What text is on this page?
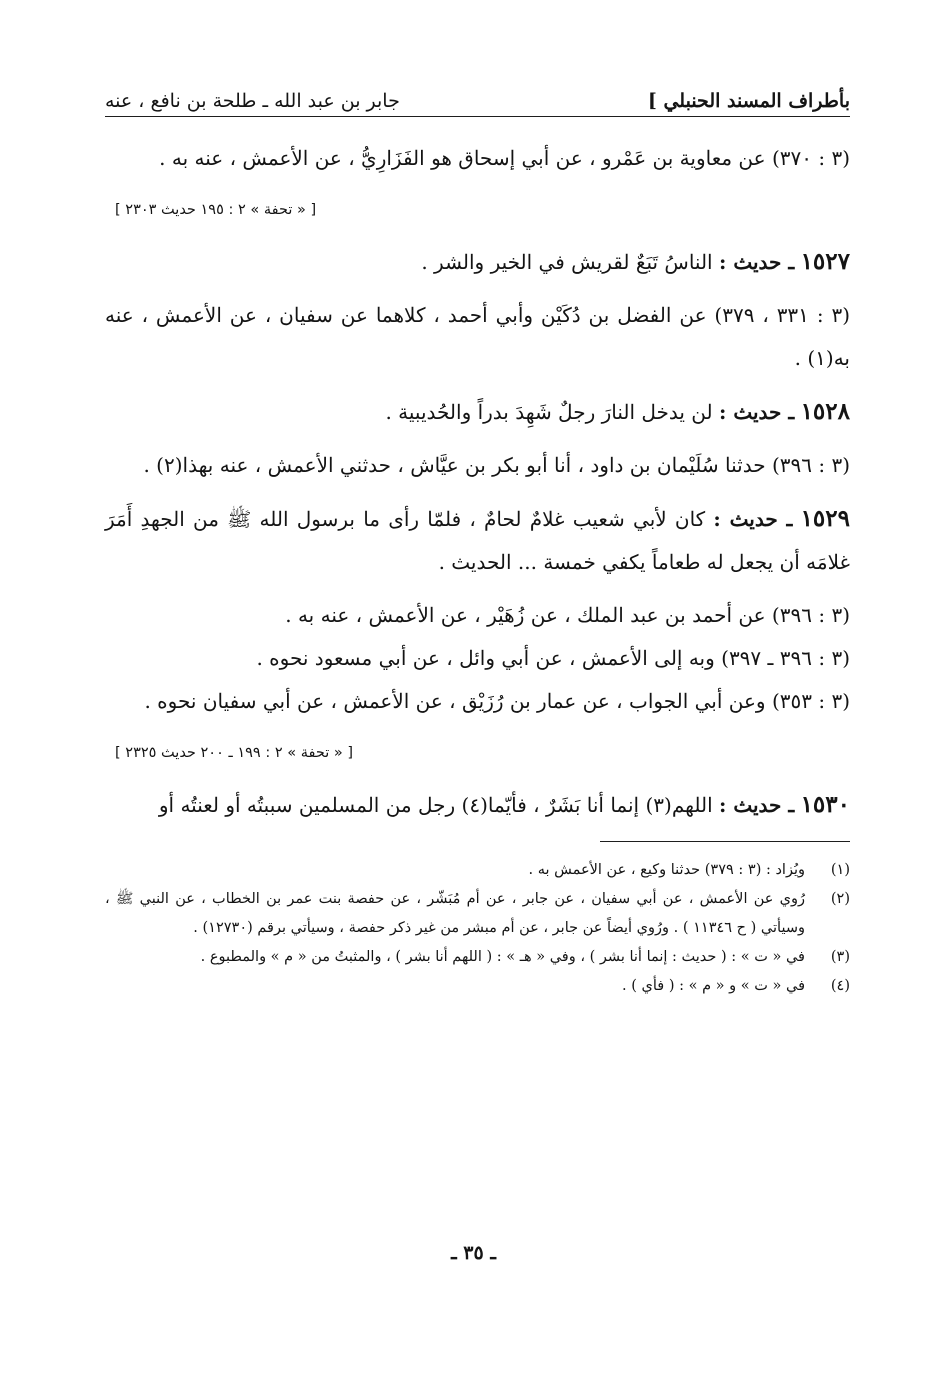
بأطراف المسند الحنبلي ]
جابر بن عبد الله ـ طلحة بن نافع ، عنه
(٣ : ٣٧٠) عن معاوية بن عَمْرو ، عن أبي إسحاق هو الفَزَارِيُّ ، عن الأعمش ، عنه به .
[ « تحفة » ٢ : ١٩٥ حديث ٢٣٠٣ ]
١٥٢٧ ـ حديث : الناسُ تَبَعٌ لقريش في الخير والشر .
(٣ : ٣٣١ ، ٣٧٩) عن الفضل بن دُكَيْن وأبي أحمد ، كلاهما عن سفيان ، عن الأعمش ، عنه به(١) .
١٥٢٨ ـ حديث : لن يدخل النارَ رجلٌ شَهِدَ بدراً والحُديبية .
(٣ : ٣٩٦) حدثنا سُلَيْمان بن داود ، أنا أبو بكر بن عيَّاش ، حدثني الأعمش ، عنه بهذا(٢) .
١٥٢٩ ـ حديث : كان لأبي شعيب غلامٌ لحامٌ ، فلمّا رأى ما برسول الله ﷺ من الجهدِ أَمَرَ غلامَه أن يجعل له طعاماً يكفي خمسة ... الحديث .
(٣ : ٣٩٦) عن أحمد بن عبد الملك ، عن زُهَيْر ، عن الأعمش ، عنه به .
(٣ : ٣٩٦ ـ ٣٩٧) وبه إلى الأعمش ، عن أبي وائل ، عن أبي مسعود نحوه .
(٣ : ٣٥٣) وعن أبي الجواب ، عن عمار بن رُزَيْق ، عن الأعمش ، عن أبي سفيان نحوه .
[ « تحفة » ٢ : ١٩٩ ـ ٢٠٠ حديث ٢٣٢٥ ]
١٥٣٠ ـ حديث : اللهم(٣) إنما أنا بَشَرٌ ، فأيّما(٤) رجل من المسلمين سببتُه أو لعنتُه أو
(١)
ويُزاد : (٣ : ٣٧٩) حدثنا وكيع ، عن الأعمش به .
(٢)
رُوي عن الأعمش ، عن أبي سفيان ، عن جابر ، عن أم مُبَشّر ، عن حفصة بنت عمر بن الخطاب ، عن النبي ﷺ ، وسيأتي ( ح ١١٣٤٦ ) . ورُوي أيضاً عن جابر ، عن أم مبشر من غير ذكر حفصة ، وسيأتي برقم (١٢٧٣٠) .
(٣)
في « ت » : ( حديث : إنما أنا بشر ) ، وفي « هـ » : ( اللهم أنا بشر ) ، والمثبتُ من « م » والمطبوع .
(٤)
في « ت » و « م » : ( فأي ) .
ـ ٣٥ ـ
